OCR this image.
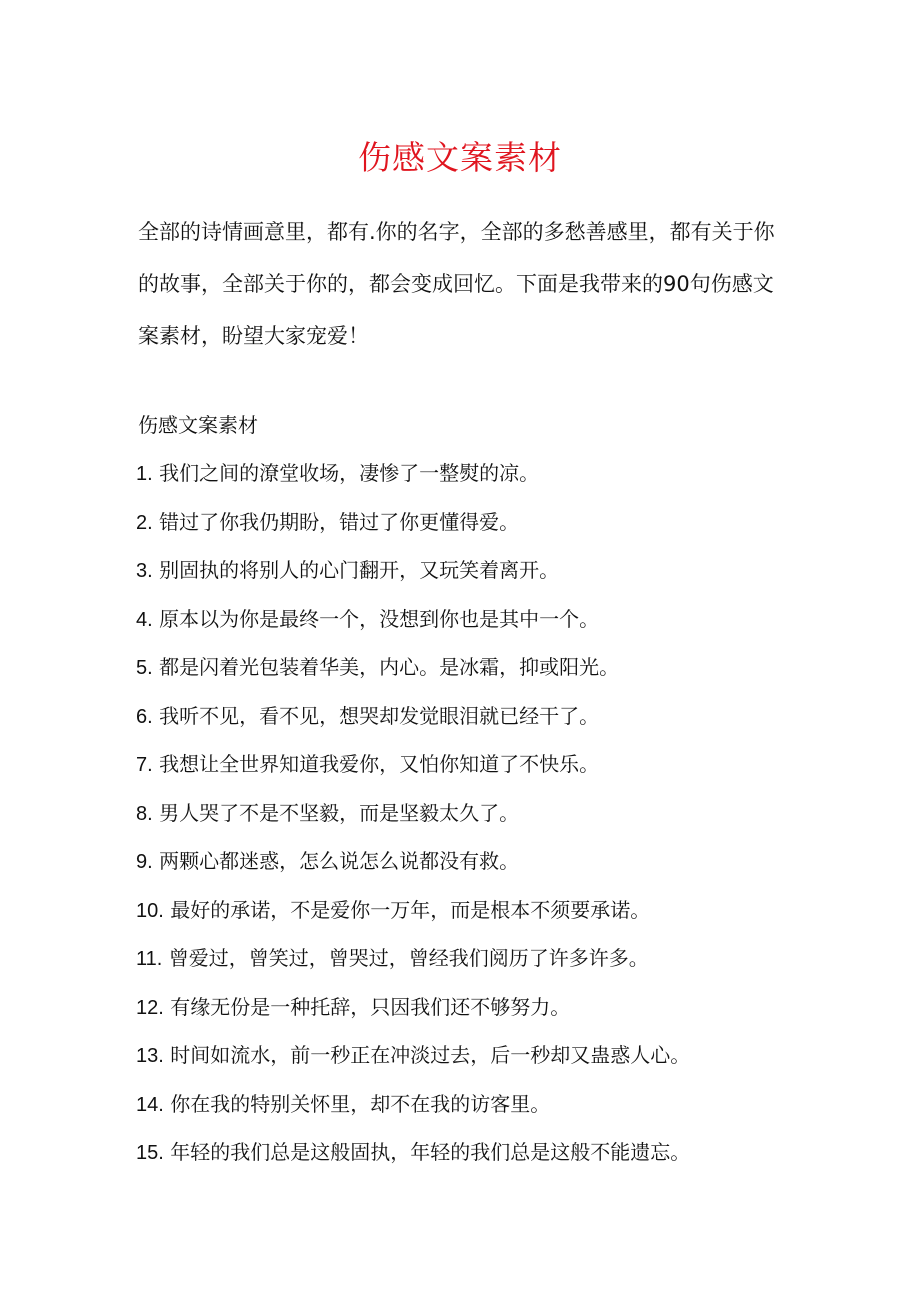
伤感文案素材

全部的诗情画意里，都有.你的名字，全部的多愁善感里，都有关于你的故事，全部关于你的，都会变成回忆。下面是我带来的90句伤感文案素材，盼望大家宠爱！

伤感文案素材
1. 我们之间的潦堂收场，凄惨了一整熨的凉。
2. 错过了你我仍期盼，错过了你更懂得爱。
3. 别固执的将别人的心门翻开，又玩笑着离开。
4. 原本以为你是最终一个，没想到你也是其中一个。
5. 都是闪着光包装着华美，内心。是冰霜，抑或阳光。
6. 我听不见，看不见，想哭却发觉眼泪就已经干了。
7. 我想让全世界知道我爱你，又怕你知道了不快乐。
8. 男人哭了不是不坚毅，而是坚毅太久了。
9. 两颗心都迷惑，怎么说怎么说都没有救。
10. 最好的承诺，不是爱你一万年，而是根本不须要承诺。
11. 曾爱过，曾笑过，曾哭过，曾经我们阅历了许多许多。
12. 有缘无份是一种托辞，只因我们还不够努力。
13. 时间如流水，前一秒正在冲淡过去，后一秒却又蛊惑人心。
14. 你在我的特别关怀里，却不在我的访客里。
15. 年轻的我们总是这般固执，年轻的我们总是这般不能遗忘。
